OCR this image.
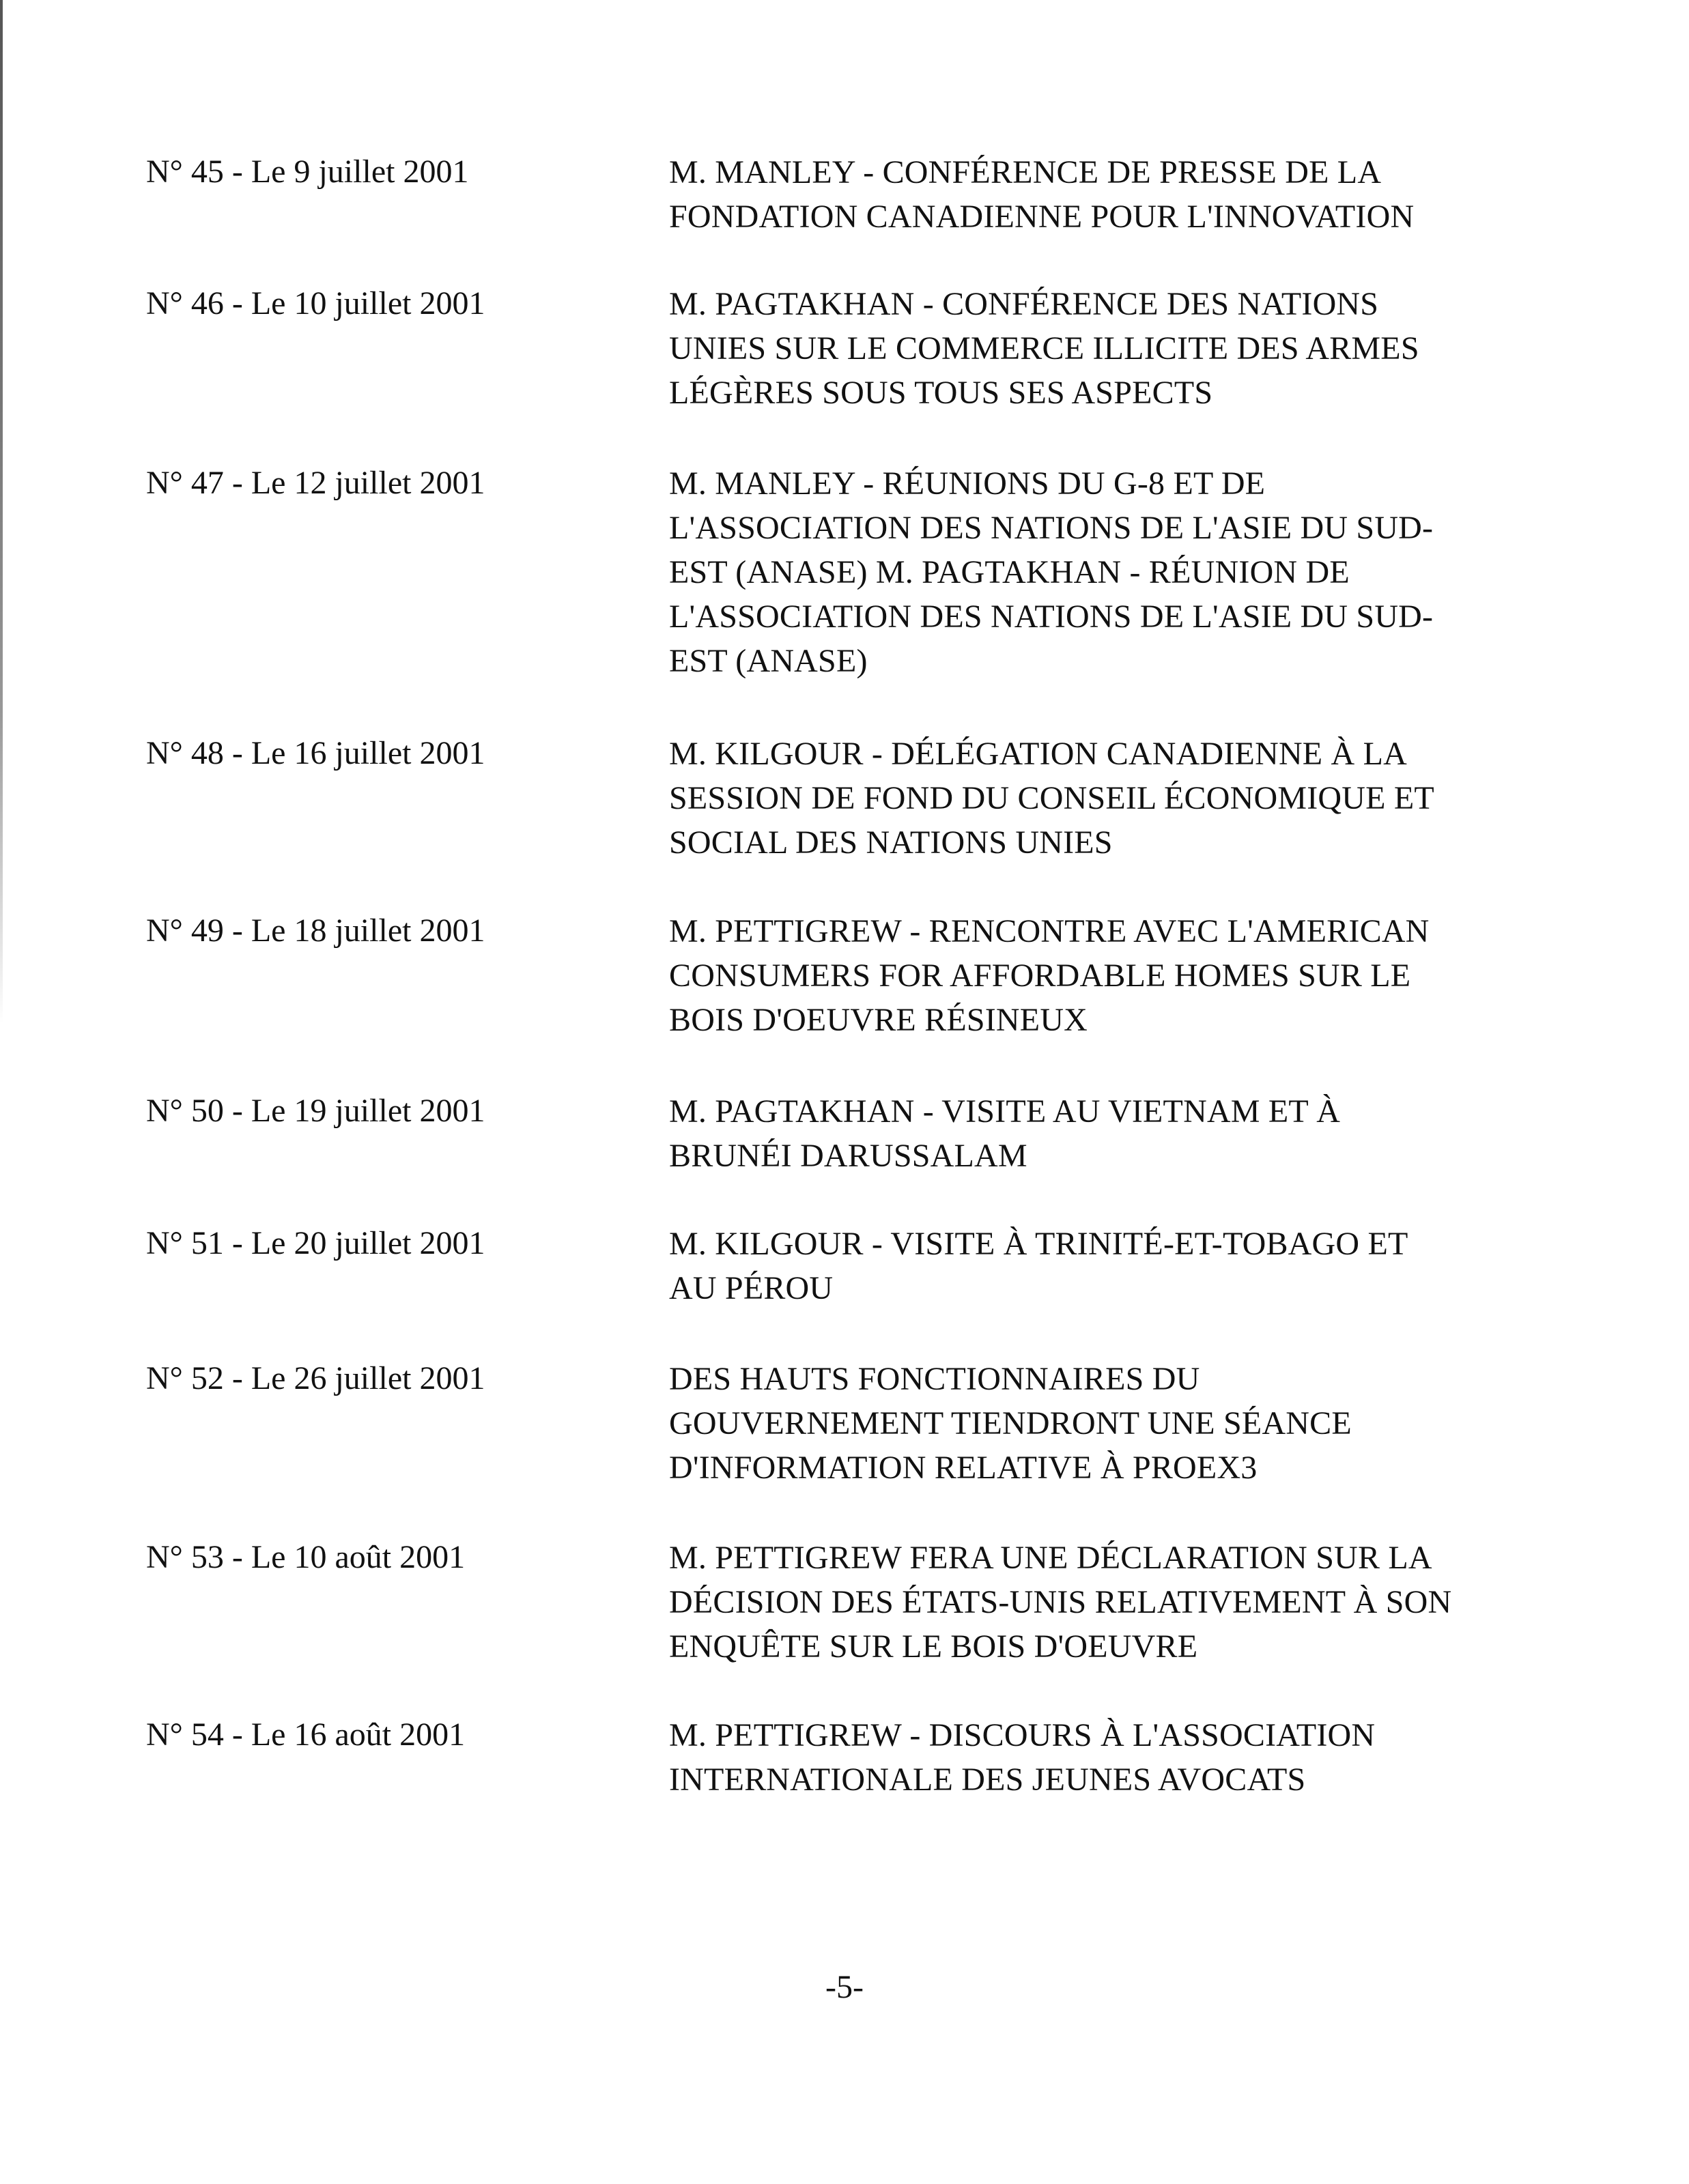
N° 45 - Le 9 juillet 2001	M. MANLEY - CONFÉRENCE DE PRESSE DE LA
FONDATION CANADIENNE POUR L'INNOVATION
N° 46 - Le 10 juillet 2001	M. PAGTAKHAN - CONFÉRENCE DES NATIONS
UNIES SUR LE COMMERCE ILLICITE DES ARMES
LÉGÈRES SOUS TOUS SES ASPECTS
N° 47 - Le 12 juillet 2001	M. MANLEY - RÉUNIONS DU G-8 ET DE
L'ASSOCIATION DES NATIONS DE L'ASIE DU SUD-
EST (ANASE) M. PAGTAKHAN - RÉUNION DE
L'ASSOCIATION DES NATIONS DE L'ASIE DU SUD-
EST (ANASE)
N° 48 - Le 16 juillet 2001	M. KILGOUR - DÉLÉGATION CANADIENNE À LA
SESSION DE FOND DU CONSEIL ÉCONOMIQUE ET
SOCIAL DES NATIONS UNIES
N° 49 - Le 18 juillet 2001	M. PETTIGREW - RENCONTRE AVEC L'AMERICAN
CONSUMERS FOR AFFORDABLE HOMES SUR LE
BOIS D'OEUVRE RÉSINEUX
N° 50 - Le 19 juillet 2001	M. PAGTAKHAN - VISITE AU VIETNAM ET À
BRUNÉI DARUSSALAM
N° 51 - Le 20 juillet 2001	M. KILGOUR - VISITE À TRINITÉ-ET-TOBAGO ET
AU PÉROU
N° 52 - Le 26 juillet 2001	DES HAUTS FONCTIONNAIRES DU
GOUVERNEMENT TIENDRONT UNE SÉANCE
D'INFORMATION RELATIVE À PROEX3
N° 53 - Le 10 août 2001	M. PETTIGREW FERA UNE DÉCLARATION SUR LA
DÉCISION DES ÉTATS-UNIS RELATIVEMENT À SON
ENQUÊTE SUR LE BOIS D'OEUVRE
N° 54 - Le 16 août 2001	M. PETTIGREW - DISCOURS À L'ASSOCIATION
INTERNATIONALE DES JEUNES AVOCATS
-5-
